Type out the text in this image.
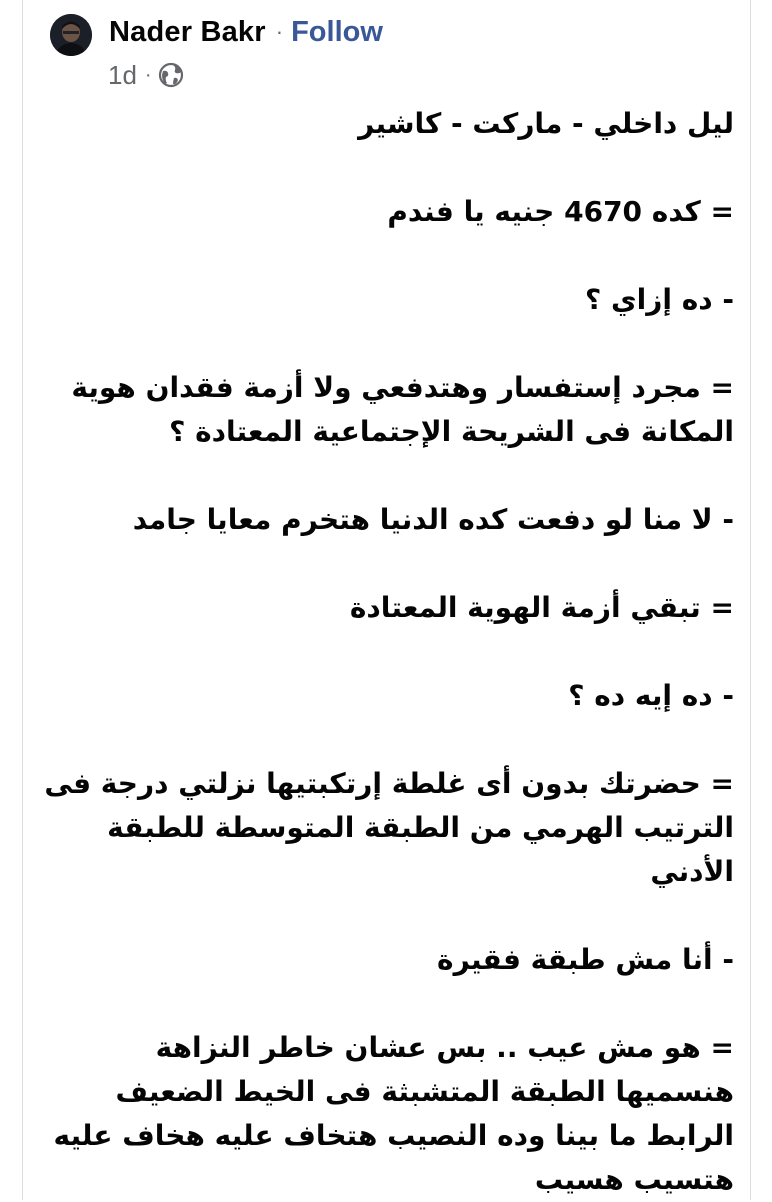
Nader Bakr · Follow
1d ·

ليل داخلي - ماركت - كاشير

= كده 4670 جنيه يا فندم

- ده إزاي ؟

= مجرد إستفسار وهتدفعي ولا أزمة فقدان هوية المكانة فى الشريحة الإجتماعية المعتادة ؟

- لا منا لو دفعت كده الدنيا هتخرم معايا جامد

= تبقي أزمة الهوية المعتادة

- ده إيه ده ؟

= حضرتك بدون أى غلطة إرتكبتيها نزلتي درجة فى الترتيب الهرمي من الطبقة المتوسطة للطبقة الأدني

- أنا مش طبقة فقيرة

= هو مش عيب .. بس عشان خاطر النزاهة هنسميها الطبقة المتشبثة فى الخيط الضعيف الرابط ما بينا وده النصيب هتخاف عليه هخاف عليه هتسيب هسيب
